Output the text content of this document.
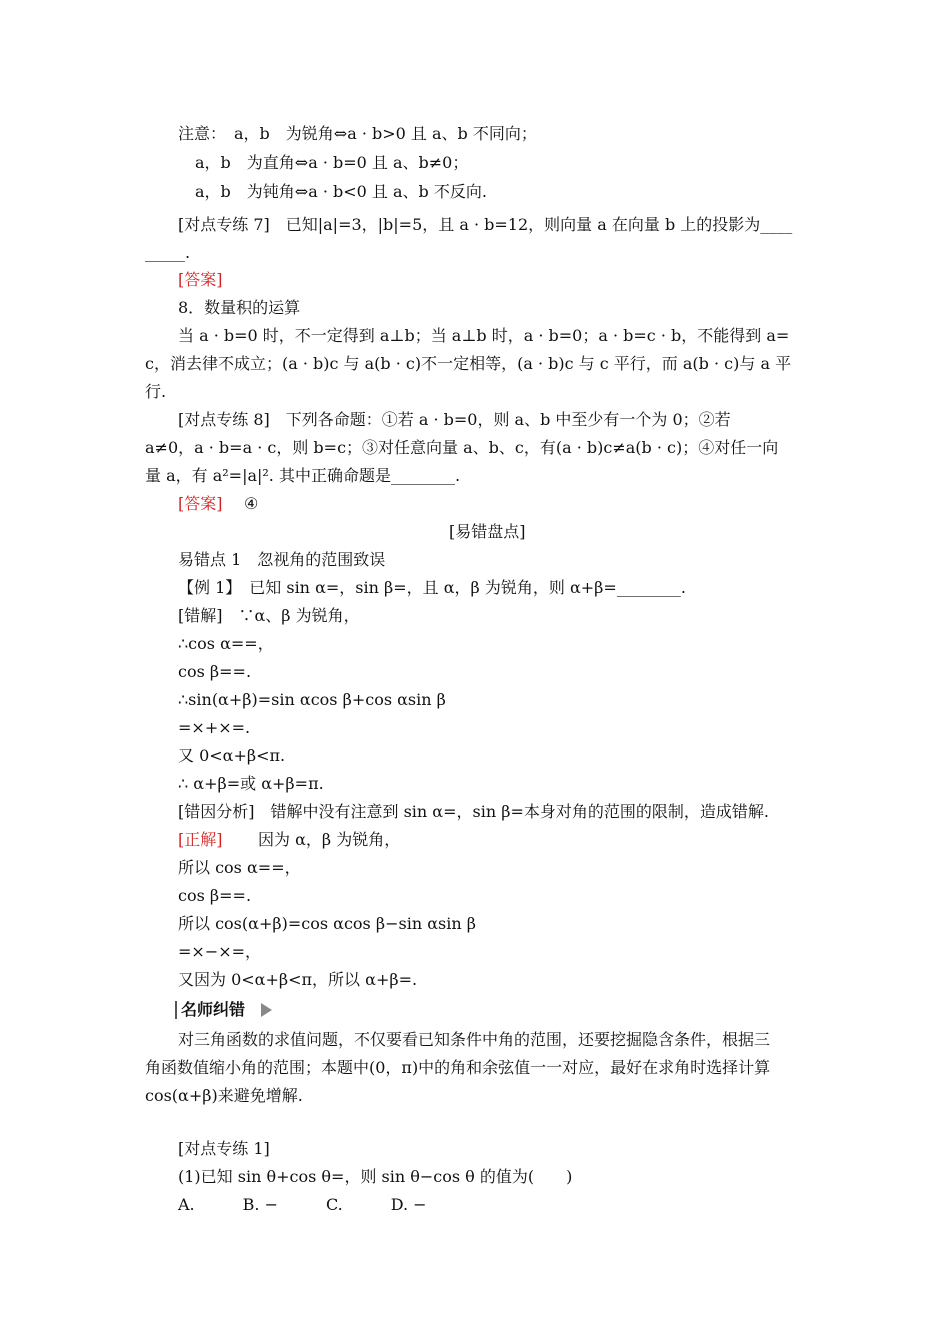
注意：　a，b　为锐角⇔a · b>0 且 a、b 不同向；
a，b　为直角⇔a · b=0 且 a、b≠0；
a，b　为钝角⇔a · b<0 且 a、b 不反向.
[对点专练 7]　已知|a|=3，|b|=5，且 a · b=12，则向量 a 在向量 b 上的投影为____
_____.
[答案]
8．数量积的运算
当 a · b=0 时，不一定得到 a⊥b；当 a⊥b 时，a · b=0；a · b=c · b，不能得到 a=
c，消去律不成立；(a · b)c 与 a(b · c)不一定相等，(a · b)c 与 c 平行，而 a(b · c)与 a 平
行.
[对点专练 8]　下列各命题：①若 a · b=0，则 a、b 中至少有一个为 0；②若
a≠0，a · b=a · c，则 b=c；③对任意向量 a、b、c，有(a · b)c≠a(b · c)；④对任一向
量 a，有 a²=|a|². 其中正确命题是________.
[答案] ④
[易错盘点]
易错点 1　忽视角的范围致误
【例 1】　已知 sin α=，sin β=，且 α，β 为锐角，则 α+β=________.
[错解]　∵α、β 为锐角，
∴cos α==，
cos β==.
∴sin(α+β)=sin αcos β+cos αsin β
=×+×=.
又 0<α+β<π.
∴ α+β=或 α+β=π.
[错因分析]　错解中没有注意到 sin α=，sin β=本身对角的范围的限制，造成错解.
[正解] 因为 α，β 为锐角，
所以 cos α==，
cos β==.
所以 cos(α+β)=cos αcos β−sin αsin β
=×−×=，
又因为 0<α+β<π，所以 α+β=.
名师纠错
对三角函数的求值问题，不仅要看已知条件中角的范围，还要挖掘隐含条件，根据三
角函数值缩小角的范围；本题中(0，π)中的角和余弦值一一对应，最好在求角时选择计算
cos(α+β)来避免增解.
[对点专练 1]
(1)已知 sin θ+cos θ=，则 sin θ−cos θ 的值为(　　)
A.　　　B. −　　　C.　　　D. −
